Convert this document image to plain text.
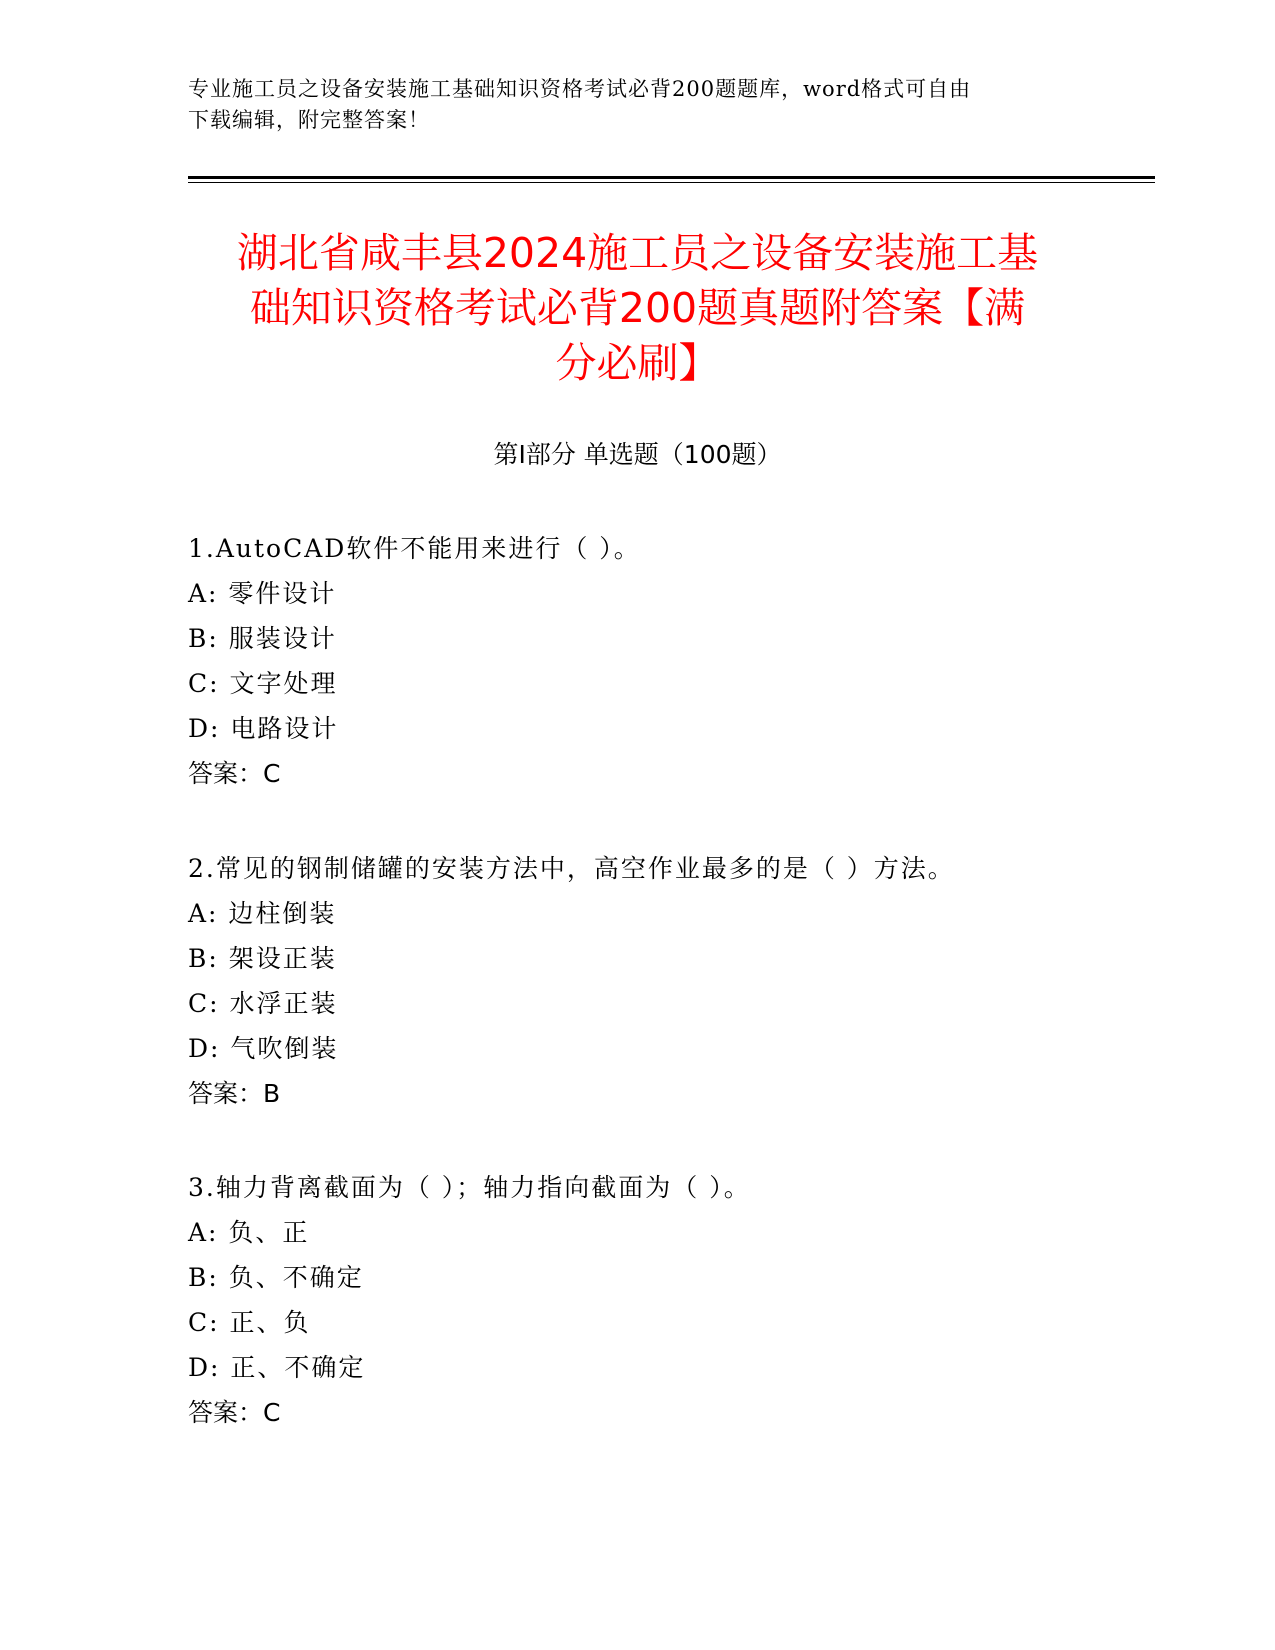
专业施工员之设备安装施工基础知识资格考试必背200题题库，word格式可自由
下载编辑，附完整答案！
湖北省咸丰县2024施工员之设备安装施工基
础知识资格考试必背200题真题附答案【满
分必刷】
第Ⅰ部分 单选题（100题）
1.AutoCAD软件不能用来进行（ ）。
A: 零件设计
B: 服装设计
C: 文字处理
D: 电路设计
答案：C
2.常见的钢制储罐的安装方法中，高空作业最多的是（ ）方法。
A: 边柱倒装
B: 架设正装
C: 水浮正装
D: 气吹倒装
答案：B
3.轴力背离截面为（ ）；轴力指向截面为（ ）。
A: 负、正
B: 负、不确定
C: 正、负
D: 正、不确定
答案：C
